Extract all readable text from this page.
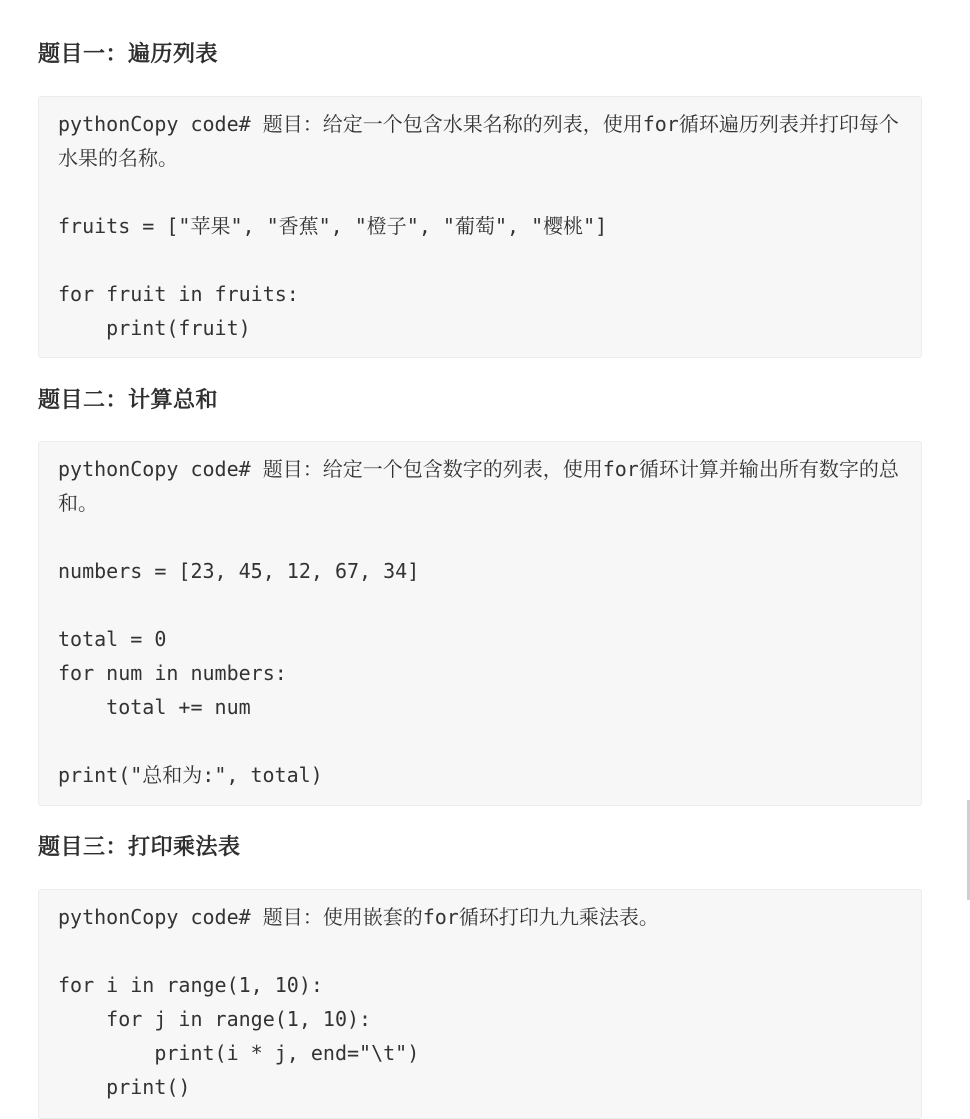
题目一：遍历列表
pythonCopy code# 题目：给定一个包含水果名称的列表，使用for循环遍历列表并打印每个水果的名称。
fruits = ["苹果", "香蕉", "橙子", "葡萄", "樱桃"]
for fruit in fruits:
print(fruit)
题目二：计算总和
pythonCopy code# 题目：给定一个包含数字的列表，使用for循环计算并输出所有数字的总和。
numbers = [23, 45, 12, 67, 34]
total = 0
for num in numbers:
total += num
print("总和为:", total)
题目三：打印乘法表
pythonCopy code# 题目：使用嵌套的for循环打印九九乘法表。
for i in range(1, 10):
for j in range(1, 10):
print(i * j, end="\t")
print()
